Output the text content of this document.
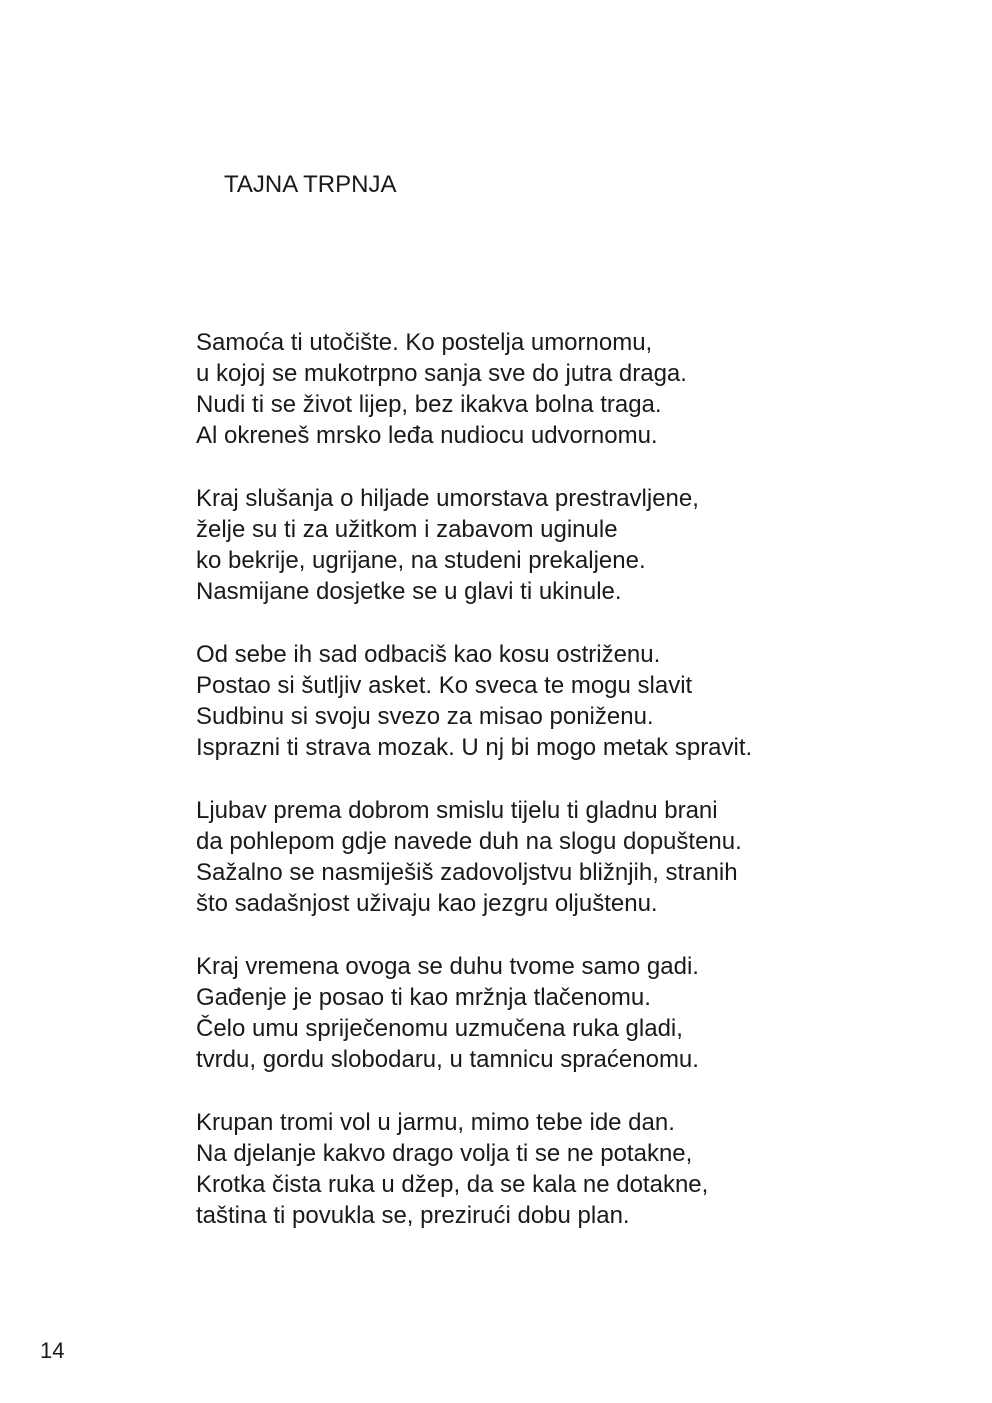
TAJNA TRPNJA
Samoća ti utočište. Ko postelja umornomu,
u kojoj se mukotrpno sanja sve do jutra draga.
Nudi ti se život lijep, bez ikakva bolna traga.
Al okreneš mrsko leđa nudiocu udvornomu.
Kraj slušanja o hiljade umorstava prestravljene,
želje su ti za užitkom i zabavom uginule
ko bekrije, ugrijane, na studeni prekaljene.
Nasmijane dosjetke se u glavi ti ukinule.
Od sebe ih sad odbaciš kao kosu ostriženu.
Postao si šutljiv asket. Ko sveca te mogu slavit
Sudbinu si svoju svezo za misao poniženu.
Isprazni ti strava mozak. U nj bi mogo metak spravit.
Ljubav prema dobrom smislu tijelu ti gladnu brani
da pohlepom gdje navede duh na slogu dopuštenu.
Sažalno se nasmiješiš zadovoljstvu bližnjih, stranih
što sadašnjost uživaju kao jezgru oljuštenu.
Kraj vremena ovoga se duhu tvome samo gadi.
Gađenje je posao ti kao mržnja tlačenomu.
Čelo umu spriječenomu uzmučena ruka gladi,
tvrdu, gordu slobodaru, u tamnicu spraćenomu.
Krupan tromi vol u jarmu, mimo tebe ide dan.
Na djelanje kakvo drago volja ti se ne potakne,
Krotka čista ruka u džep, da se kala ne dotakne,
taština ti povukla se, prezirući dobu plan.
14
